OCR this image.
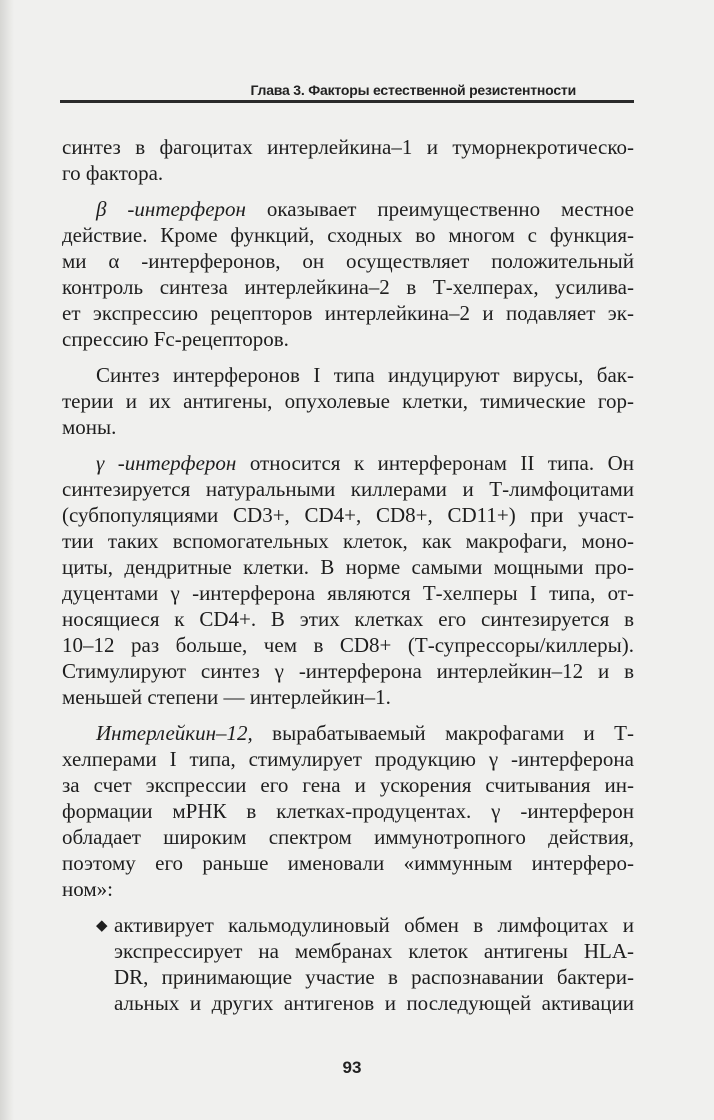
Глава 3. Факторы естественной резистентности
синтез в фагоцитах интерлейкина–1 и туморнекротическо-
го фактора.
β -интерферон оказывает преимущественно местное
действие. Кроме функций, сходных во многом с функция-
ми α -интерферонов, он осуществляет положительный
контроль синтеза интерлейкина–2 в Т-хелперах, усилива-
ет экспрессию рецепторов интерлейкина–2 и подавляет эк-
спрессию Fc-рецепторов.
Синтез интерферонов I типа индуцируют вирусы, бак-
терии и их антигены, опухолевые клетки, тимические гор-
моны.
γ -интерферон относится к интерферонам II типа. Он
синтезируется натуральными киллерами и Т-лимфоцитами
(субпопуляциями CD3+, CD4+, CD8+, CD11+) при участ-
тии таких вспомогательных клеток, как макрофаги, моно-
циты, дендритные клетки. В норме самыми мощными про-
дуцентами γ -интерферона являются Т-хелперы I типа, от-
носящиеся к CD4+. В этих клетках его синтезируется в
10–12 раз больше, чем в CD8+ (Т-супрессоры/киллеры).
Стимулируют синтез γ -интерферона интерлейкин–12 и в
меньшей степени — интерлейкин–1.
Интерлейкин–12, вырабатываемый макрофагами и Т-
хелперами I типа, стимулирует продукцию γ -интерферона
за счет экспрессии его гена и ускорения считывания ин-
формации мРНК в клетках-продуцентах. γ -интерферон
обладает широким спектром иммунотропного действия,
поэтому его раньше именовали «иммунным интерферо-
ном»:
◆ активирует кальмодулиновый обмен в лимфоцитах и
экспрессирует на мембранах клеток антигены HLA-
DR, принимающие участие в распознавании бактери-
альных и других антигенов и последующей активации
93
